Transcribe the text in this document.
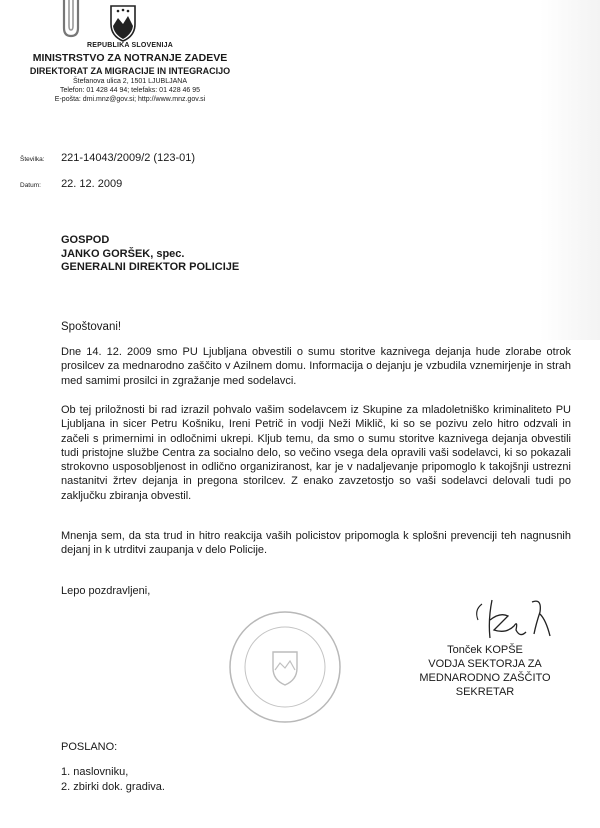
REPUBLIKA SLOVENIJA
MINISTRSTVO ZA NOTRANJE ZADEVE
DIREKTORAT ZA MIGRACIJE IN INTEGRACIJO
Štefanova ulica 2, 1501 LJUBLJANA
Telefon: 01 428 44 94; telefaks: 01 428 46 95
E-pošta: dmi.mnz@gov.si; http://www.mnz.gov.si
Številka: 221-14043/2009/2 (123-01)
Datum: 22. 12. 2009
GOSPOD
JANKO GORŠEK, spec.
GENERALNI DIREKTOR POLICIJE
Spoštovani!
Dne 14. 12. 2009 smo PU Ljubljana obvestili o sumu storitve kaznivega dejanja hude zlorabe otrok prosilcev za mednarodno zaščito v Azilnem domu. Informacija o dejanju je vzbudila vznemirjenje in strah med samimi prosilci in zgražanje med sodelavci.
Ob tej priložnosti bi rad izrazil pohvalo vašim sodelavcem iz Skupine za mladoletniško kriminaliteto PU Ljubljana in sicer Petru Košniku, Ireni Petrič in vodji Neži Miklič, ki so se pozivu zelo hitro odzvali in začeli s primernimi in odločnimi ukrepi. Kljub temu, da smo o sumu storitve kaznivega dejanja obvestili tudi pristojne službe Centra za socialno delo, so večino vsega dela opravili vaši sodelavci, ki so pokazali strokovno usposobljenost in odlično organiziranost, kar je v nadaljevanje pripomoglo k takojšnji ustrezni nastanitvi žrtev dejanja in pregona storilcev. Z enako zavzetostjo so vaši sodelavci delovali tudi po zaključku zbiranja obvestil.
Mnenja sem, da sta trud in hitro reakcija vaših policistov pripomogla k splošni prevenciji teh nagnusnih dejanj in k utrditvi zaupanja v delo Policije.
Lepo pozdravljeni,
Tonček KOPŠE
VODJA SEKTORJA ZA
MEDNARODNO ZAŠČITO
SEKRETAR
POSLANO:
1. naslovniku,
2. zbirki dok. gradiva.
